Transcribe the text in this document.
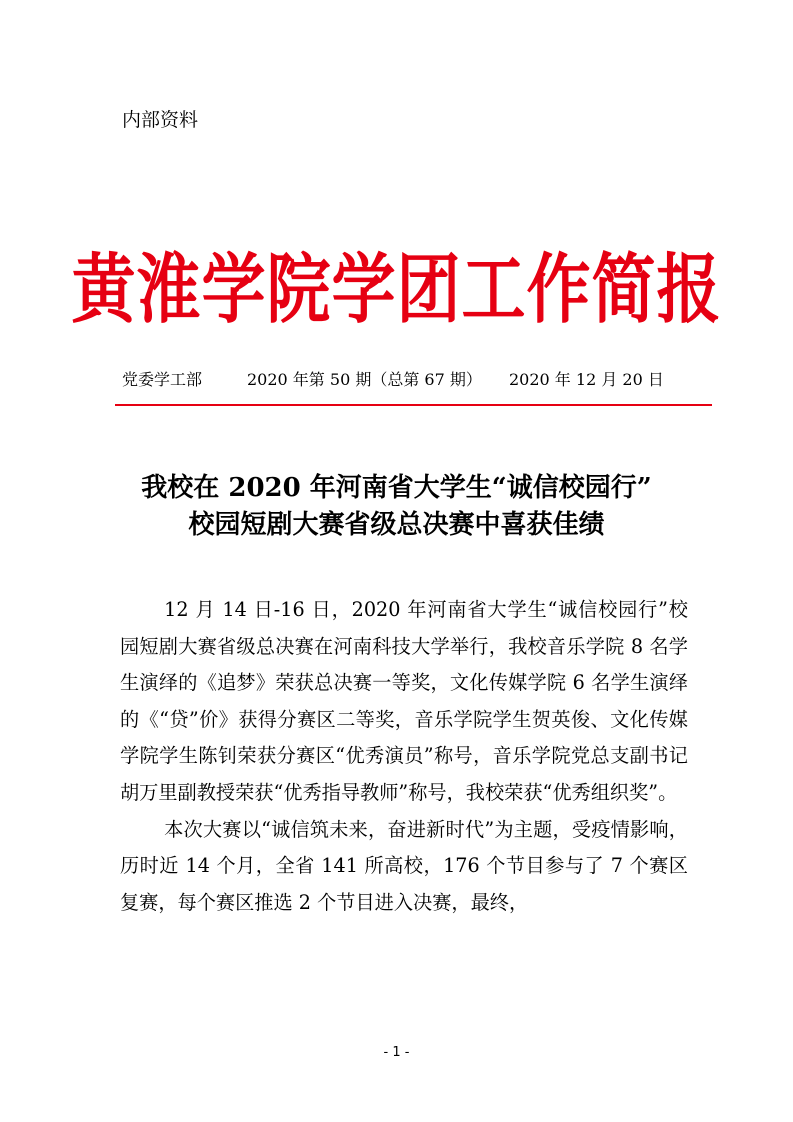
内部资料
黄淮学院学团工作简报
党委学工部	2020 年第 50 期（总第 67 期） 2020 年 12 月 20 日
我校在 2020 年河南省大学生“诚信校园行”
校园短剧大赛省级总决赛中喜获佳绩

12 月 14 日-16 日，2020 年河南省大学生“诚信校园行”校园短剧大赛省级总决赛在河南科技大学举行，我校音乐学院 8 名学生演绎的《追梦》荣获总决赛一等奖，文化传媒学院 6 名学生演绎的《“贷”价》获得分赛区二等奖，音乐学院学生贺英俊、文化传媒学院学生陈钊荣获分赛区“优秀演员”称号，音乐学院党总支副书记胡万里副教授荣获“优秀指导教师”称号，我校荣获“优秀组织奖”。

本次大赛以“诚信筑未来，奋进新时代”为主题，受疫情影响，历时近 14 个月，全省 141 所高校，176 个节目参与了 7 个赛区复赛，每个赛区推选 2 个节目进入决赛，最终，

- 1 -
